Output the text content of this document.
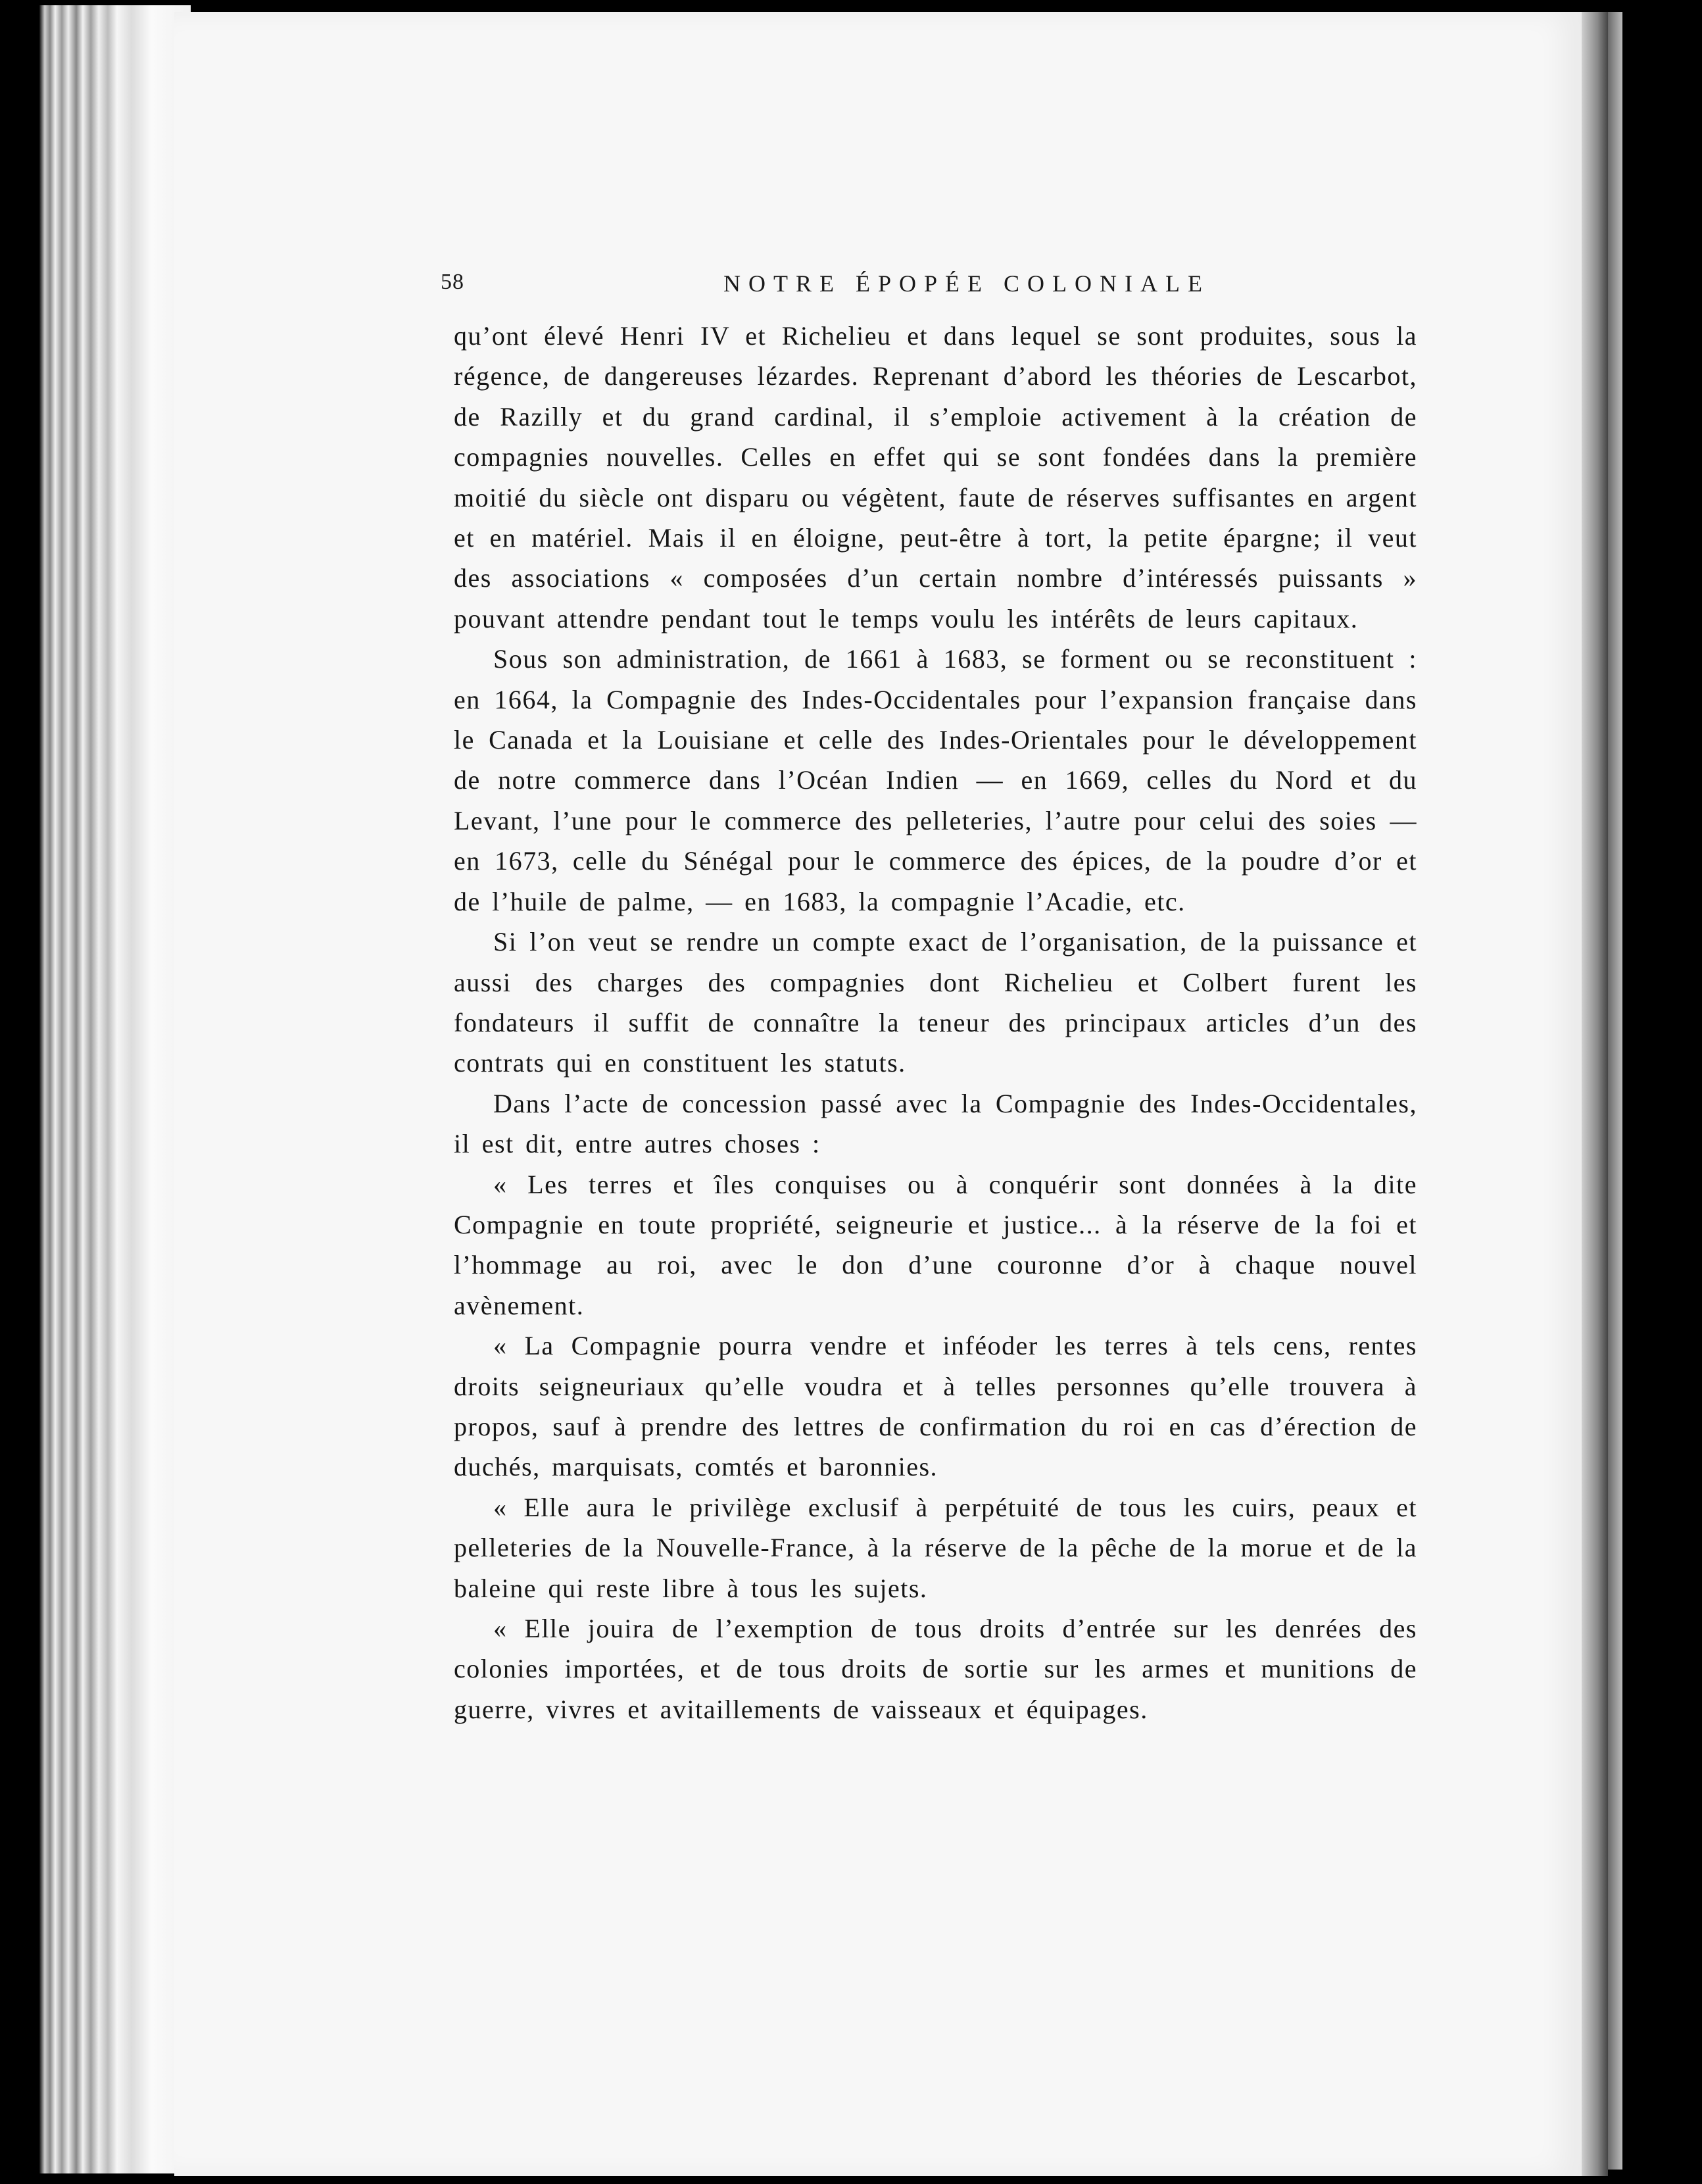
58	NOTRE ÉPOPÉE COLONIALE

qu’ont élevé Henri IV et Richelieu et dans lequel se sont produites, sous la régence, de dangereuses lézardes. Reprenant d’abord les théories de Lescarbot, de Razilly et du grand cardinal, il s’emploie activement à la création de compagnies nouvelles. Celles en effet qui se sont fondées dans la première moitié du siècle ont disparu ou végètent, faute de réserves suffisantes en argent et en matériel. Mais il en éloigne, peut-être à tort, la petite épargne; il veut des associations « composées d’un certain nombre d’intéressés puissants » pouvant attendre pendant tout le temps voulu les intérêts de leurs capitaux.

Sous son administration, de 1661 à 1683, se forment ou se reconstituent : en 1664, la Compagnie des Indes-Occidentales pour l’expansion française dans le Canada et la Louisiane et celle des Indes-Orientales pour le développement de notre commerce dans l’Océan Indien — en 1669, celles du Nord et du Levant, l’une pour le commerce des pelleteries, l’autre pour celui des soies — en 1673, celle du Sénégal pour le commerce des épices, de la poudre d’or et de l’huile de palme, — en 1683, la compagnie l’Acadie, etc.

Si l’on veut se rendre un compte exact de l’organisation, de la puissance et aussi des charges des compagnies dont Richelieu et Colbert furent les fondateurs il suffit de connaître la teneur des principaux articles d’un des contrats qui en constituent les statuts.

Dans l’acte de concession passé avec la Compagnie des Indes-Occidentales, il est dit, entre autres choses :

« Les terres et îles conquises ou à conquérir sont données à la dite Compagnie en toute propriété, seigneurie et justice... à la réserve de la foi et l’hommage au roi, avec le don d’une couronne d’or à chaque nouvel avènement.

« La Compagnie pourra vendre et inféoder les terres à tels cens, rentes droits seigneuriaux qu’elle voudra et à telles personnes qu’elle trouvera à propos, sauf à prendre des lettres de confirmation du roi en cas d’érection de duchés, marquisats, comtés et baronnies.

« Elle aura le privilège exclusif à perpétuité de tous les cuirs, peaux et pelleteries de la Nouvelle-France, à la réserve de la pêche de la morue et de la baleine qui reste libre à tous les sujets.

« Elle jouira de l’exemption de tous droits d’entrée sur les denrées des colonies importées, et de tous droits de sortie sur les armes et munitions de guerre, vivres et avitaillements de vaisseaux et équipages.
